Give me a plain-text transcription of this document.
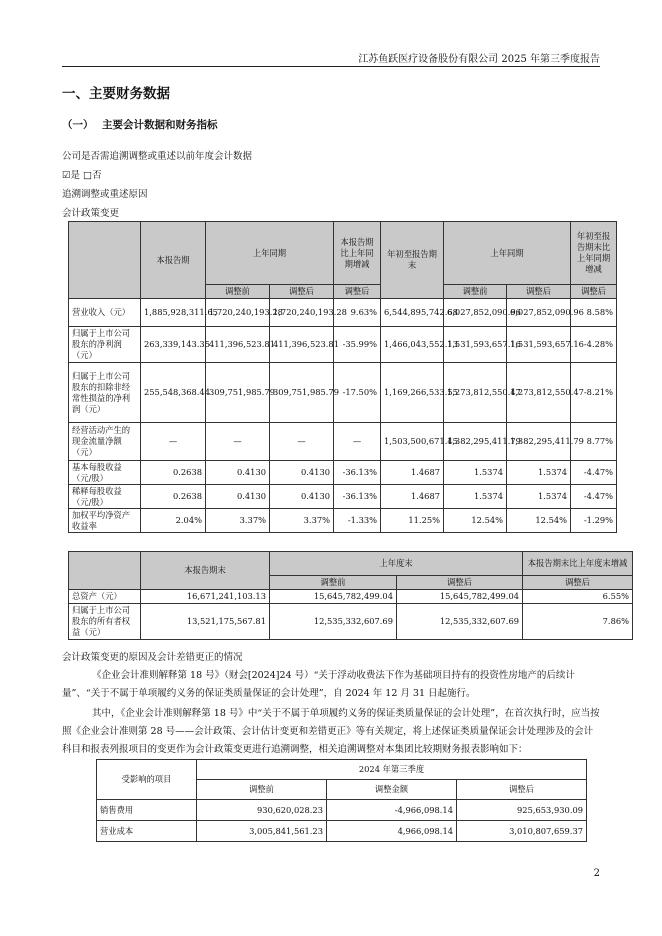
江苏鱼跃医疗设备股份有限公司 2025 年第三季度报告
一、主要财务数据
（一） 主要会计数据和财务指标
公司是否需追溯调整或重述以前年度会计数据
☑是 □否
追溯调整或重述原因
会计政策变更
	本报告期	上年同期		本报告期比上年同期增减	年初至报告期末	上年同期		年初至报告期末比上年同期增减
		调整前	调整后	调整后		调整前	调整后	调整后
营业收入（元）	1,885,928,311.65	1,720,240,193.28	1,720,240,193.28	9.63%	6,544,895,742.68	6,027,852,090.96	6,027,852,090.96	8.58%
归属于上市公司股东的净利润（元）	263,339,143.35	411,396,523.81	411,396,523.81	-35.99%	1,466,043,552.13	1,531,593,657.16	1,531,593,657.16	-4.28%
归属于上市公司股东的扣除非经常性损益的净利润（元）	255,548,368.44	309,751,985.79	309,751,985.79	-17.50%	1,169,266,533.55	1,273,812,550.47	1,273,812,550.47	-8.21%
经营活动产生的现金流量净额（元）	—	—	—	—	1,503,500,671.45	1,382,295,411.79	1,382,295,411.79	8.77%
基本每股收益（元/股）	0.2638	0.4130	0.4130	-36.13%	1.4687	1.5374	1.5374	-4.47%
稀释每股收益（元/股）	0.2638	0.4130	0.4130	-36.13%	1.4687	1.5374	1.5374	-4.47%
加权平均净资产收益率	2.04%	3.37%	3.37%	-1.33%	11.25%	12.54%	12.54%	-1.29%
	本报告期末	上年度末		本报告期末比上年度末增减
		调整前	调整后	调整后
总资产（元）	16,671,241,103.13	15,645,782,499.04	15,645,782,499.04	6.55%
归属于上市公司股东的所有者权益（元）	13,521,175,567.81	12,535,332,607.69	12,535,332,607.69	7.86%
会计政策变更的原因及会计差错更正的情况
《企业会计准则解释第 18 号》（财会[2024]24 号）“关于浮动收费法下作为基础项目持有的投资性房地产的后续计量”、“关于不属于单项履约义务的保证类质量保证的会计处理”，自 2024 年 12 月 31 日起施行。
其中，《企业会计准则解释第 18 号》中“关于不属于单项履约义务的保证类质量保证的会计处理”，在首次执行时，应当按照《企业会计准则第 28 号——会计政策、会计估计变更和差错更正》等有关规定，将上述保证类质量保证会计处理涉及的会计科目和报表列报项目的变更作为会计政策变更进行追溯调整，相关追溯调整对本集团比较期财务报表影响如下：
受影响的项目	2024 年第三季度		
	调整前	调整金额	调整后
销售费用	930,620,028.23	-4,966,098.14	925,653,930.09
营业成本	3,005,841,561.23	4,966,098.14	3,010,807,659.37
2
